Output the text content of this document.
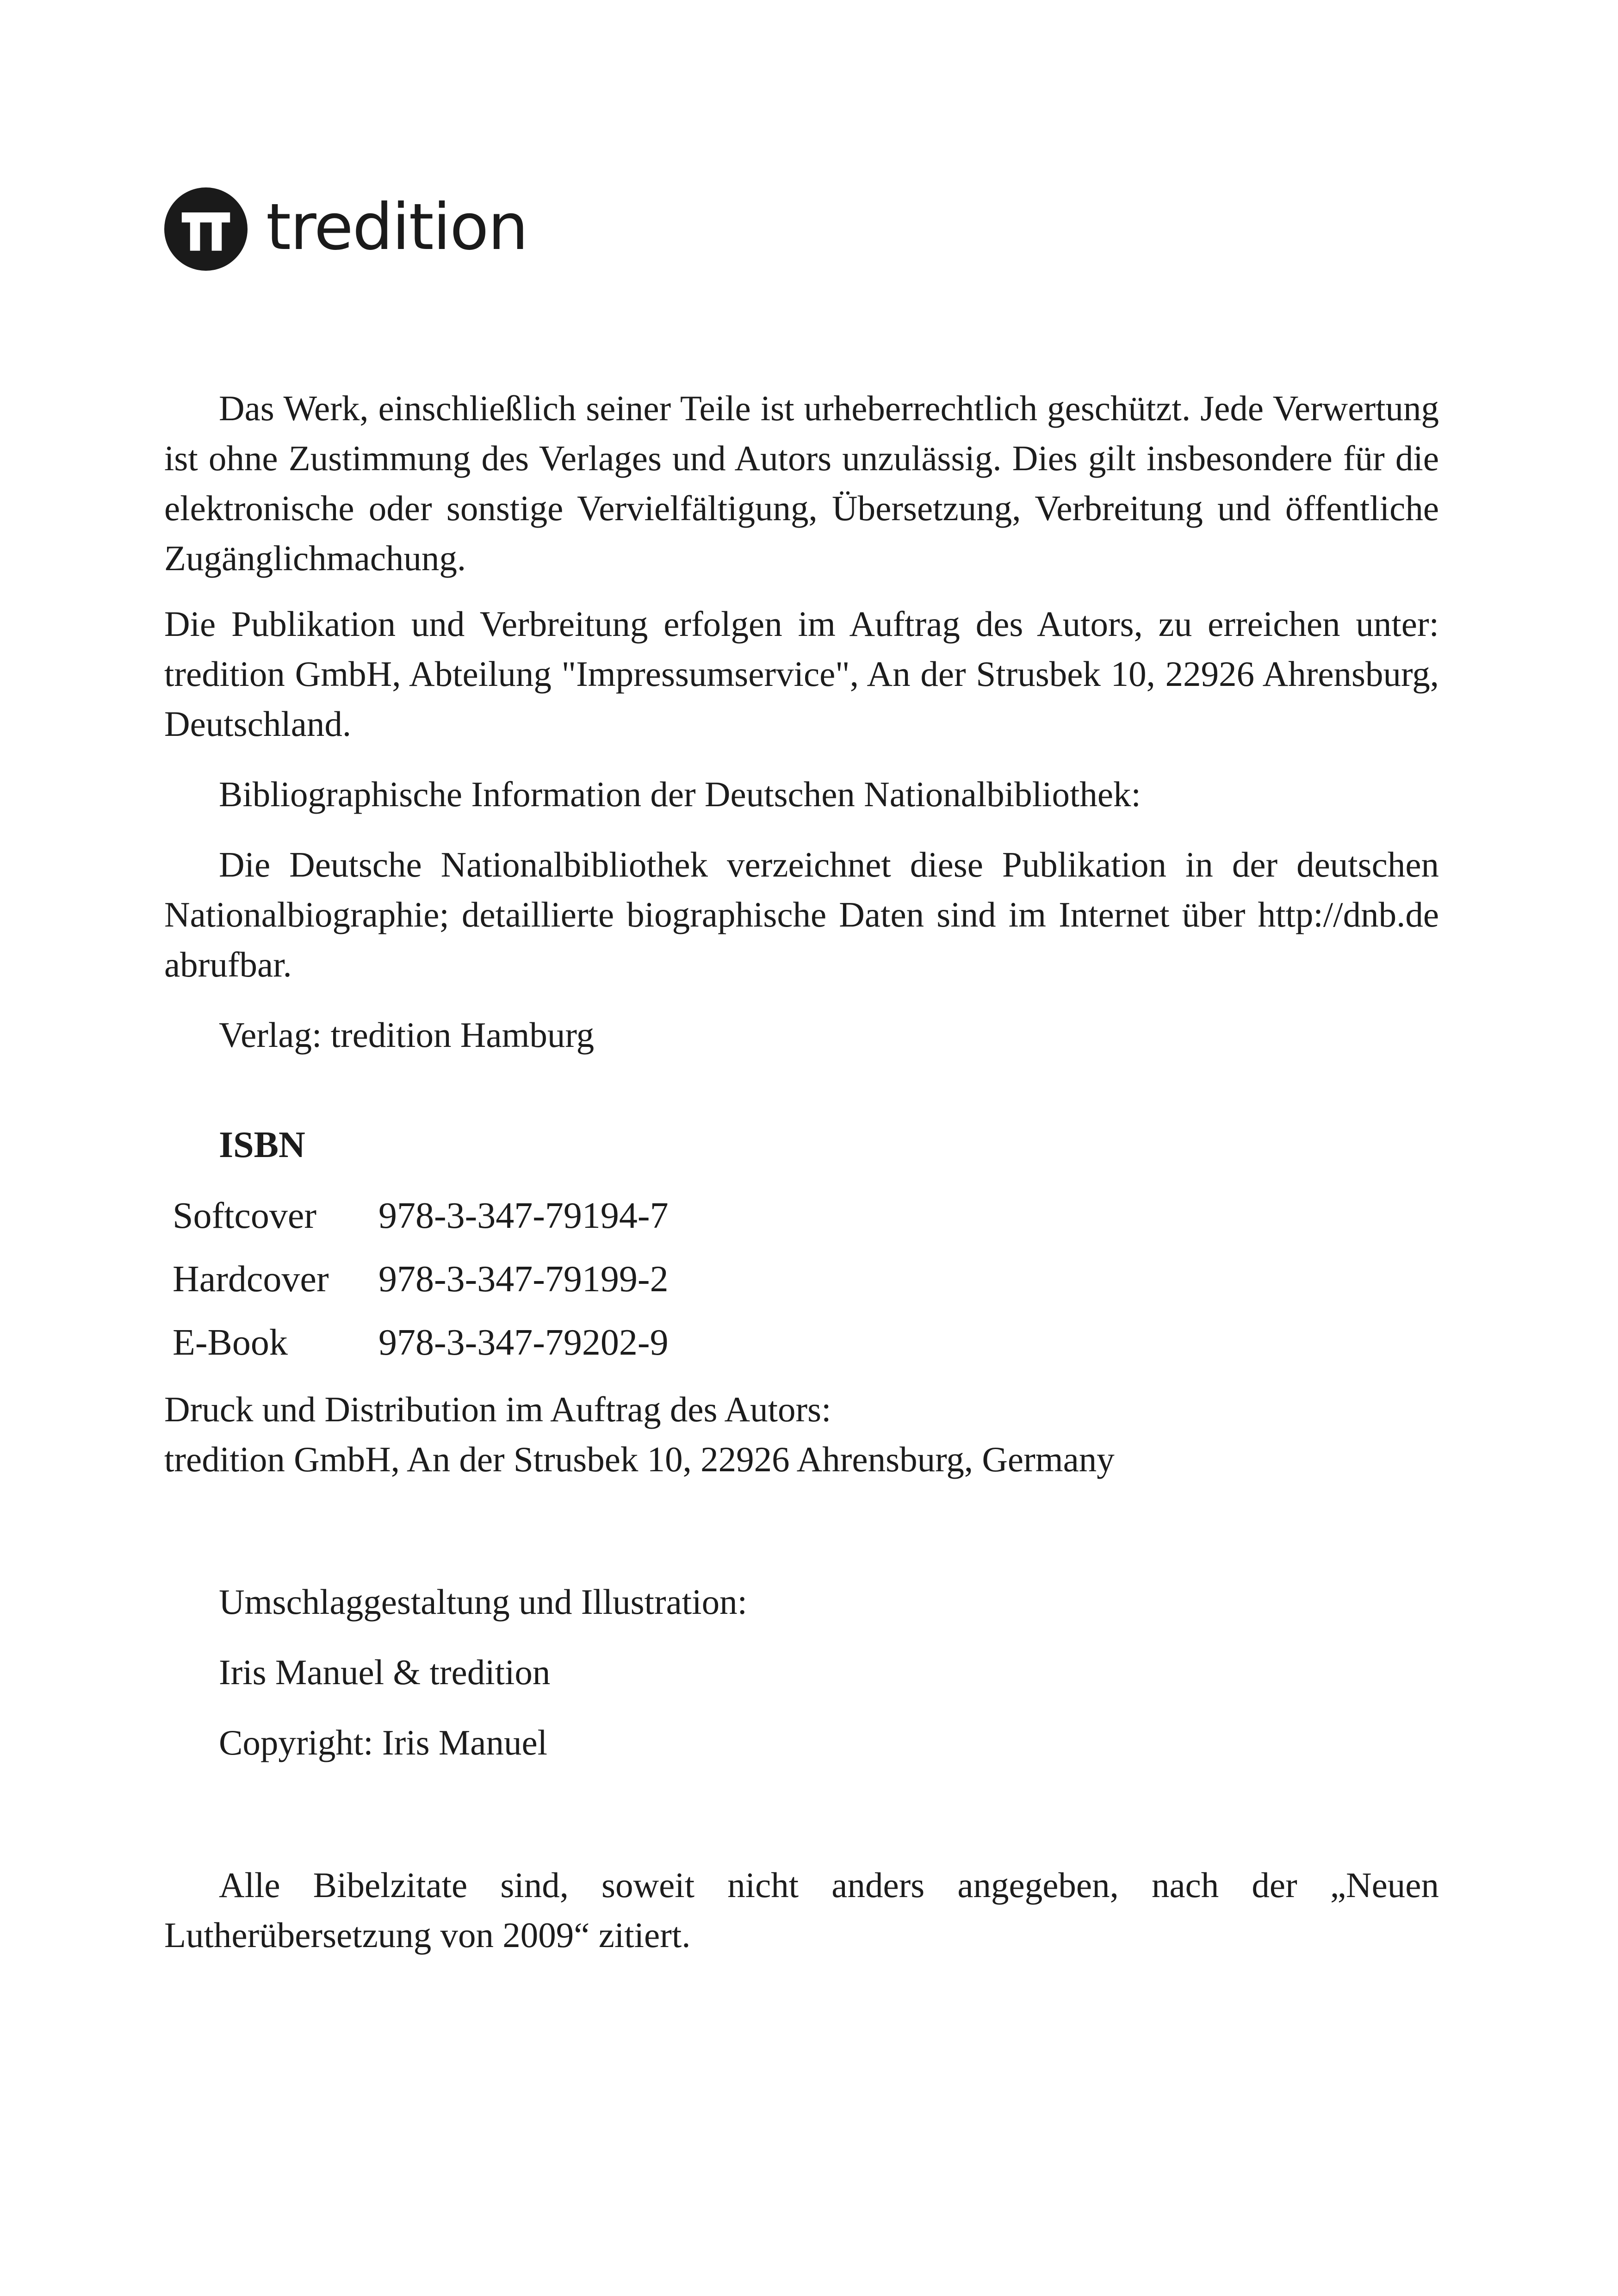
tredition

Das Werk, einschließlich seiner Teile ist urheberrechtlich geschützt. Jede Verwertung ist ohne Zustimmung des Verlages und Autors unzulässig. Dies gilt insbesondere für die elektronische oder sonstige Vervielfältigung, Übersetzung, Verbreitung und öffentliche Zugänglichmachung.

Die Publikation und Verbreitung erfolgen im Auftrag des Autors, zu erreichen unter: tredition GmbH, Abteilung "Impressumservice", An der Strusbek 10, 22926 Ahrensburg, Deutschland.

Bibliographische Information der Deutschen Nationalbibliothek:

Die Deutsche Nationalbibliothek verzeichnet diese Publikation in der deutschen Nationalbiographie; detaillierte biographische Daten sind im Internet über http://dnb.de abrufbar.

Verlag: tredition Hamburg

ISBN
Softcover	978-3-347-79194-7
Hardcover	978-3-347-79199-2
E-Book	978-3-347-79202-9
Druck und Distribution im Auftrag des Autors:
tredition GmbH, An der Strusbek 10, 22926 Ahrensburg, Germany

Umschlaggestaltung und Illustration:

Iris Manuel & tredition

Copyright: Iris Manuel

Alle Bibelzitate sind, soweit nicht anders angegeben, nach der „Neuen Lutherübersetzung von 2009“ zitiert.
